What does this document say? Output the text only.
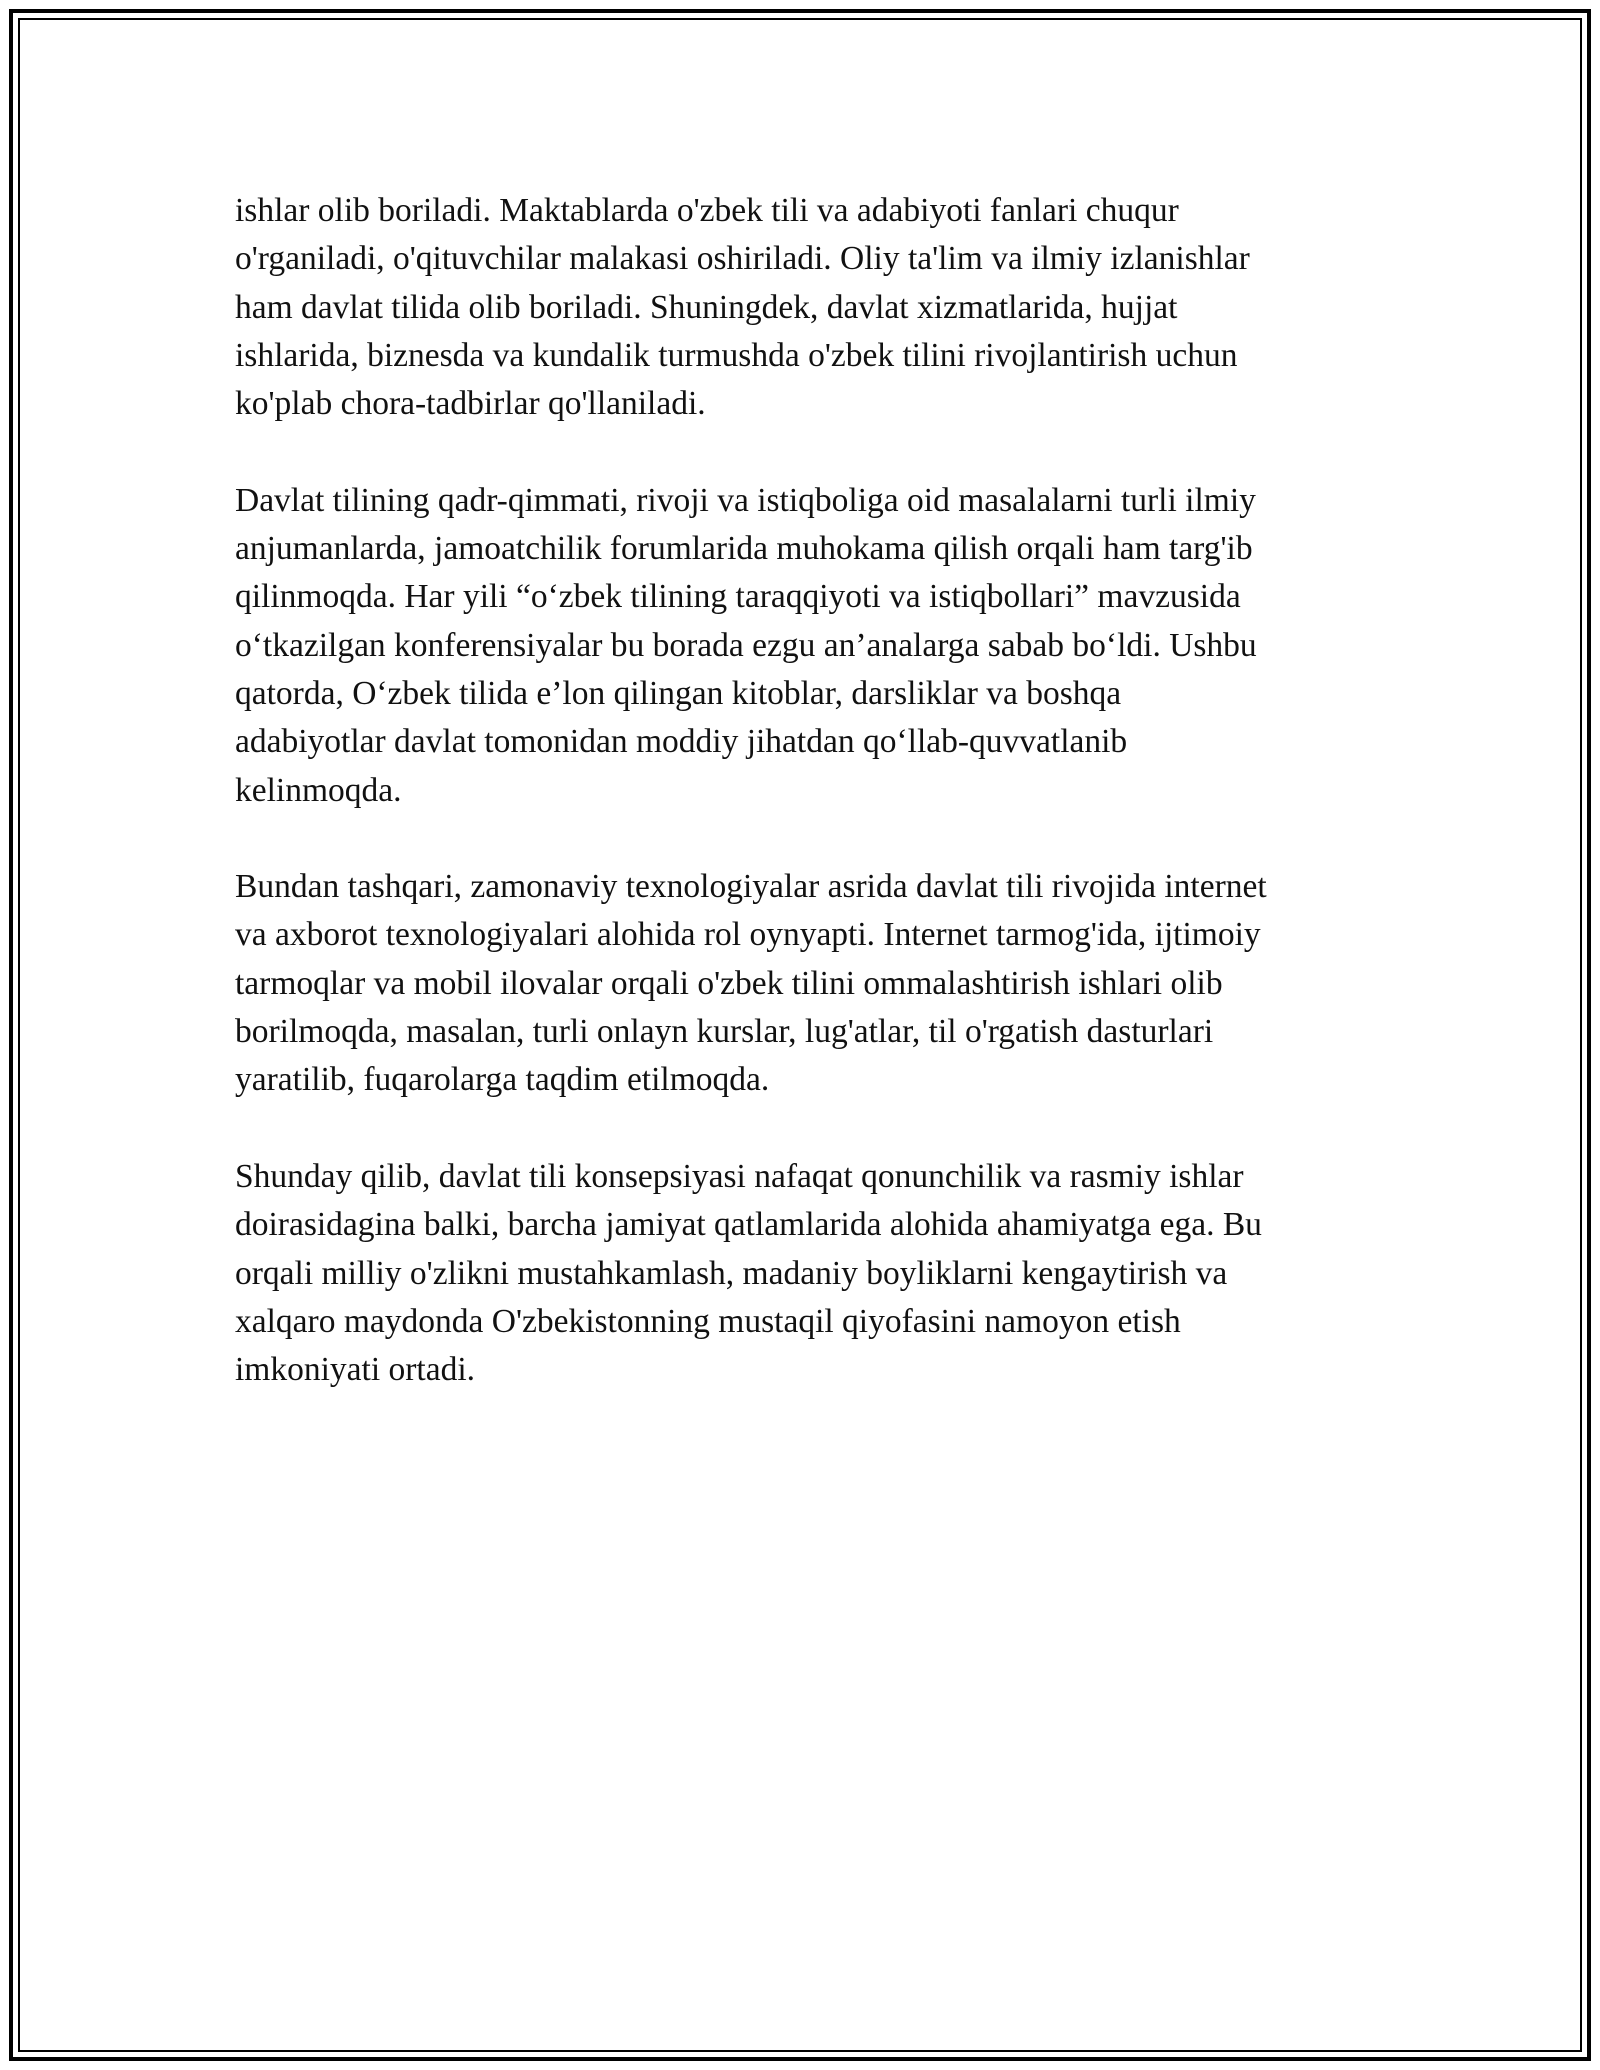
ishlar olib boriladi. Maktablarda o'zbek tili va adabiyoti fanlari chuqur
o'rganiladi, o'qituvchilar malakasi oshiriladi. Oliy ta'lim va ilmiy izlanishlar
ham davlat tilida olib boriladi. Shuningdek, davlat xizmatlarida, hujjat
ishlarida, biznesda va kundalik turmushda o'zbek tilini rivojlantirish uchun
ko'plab chora-tadbirlar qo'llaniladi.

Davlat tilining qadr-qimmati, rivoji va istiqboliga oid masalalarni turli ilmiy
anjumanlarda, jamoatchilik forumlarida muhokama qilish orqali ham targ'ib
qilinmoqda. Har yili “oʻzbek tilining taraqqiyoti va istiqbollari” mavzusida
oʻtkazilgan konferensiyalar bu borada ezgu an’analarga sabab boʻldi. Ushbu
qatorda, Oʻzbek tilida e’lon qilingan kitoblar, darsliklar va boshqa
adabiyotlar davlat tomonidan moddiy jihatdan qoʻllab-quvvatlanib
kelinmoqda.

Bundan tashqari, zamonaviy texnologiyalar asrida davlat tili rivojida internet
va axborot texnologiyalari alohida rol oynyapti. Internet tarmog'ida, ijtimoiy
tarmoqlar va mobil ilovalar orqali o'zbek tilini ommalashtirish ishlari olib
borilmoqda, masalan, turli onlayn kurslar, lug'atlar, til o'rgatish dasturlari
yaratilib, fuqarolarga taqdim etilmoqda.

Shunday qilib, davlat tili konsepsiyasi nafaqat qonunchilik va rasmiy ishlar
doirasidagina balki, barcha jamiyat qatlamlarida alohida ahamiyatga ega. Bu
orqali milliy o'zlikni mustahkamlash, madaniy boyliklarni kengaytirish va
xalqaro maydonda O'zbekistonning mustaqil qiyofasini namoyon etish
imkoniyati ortadi.
